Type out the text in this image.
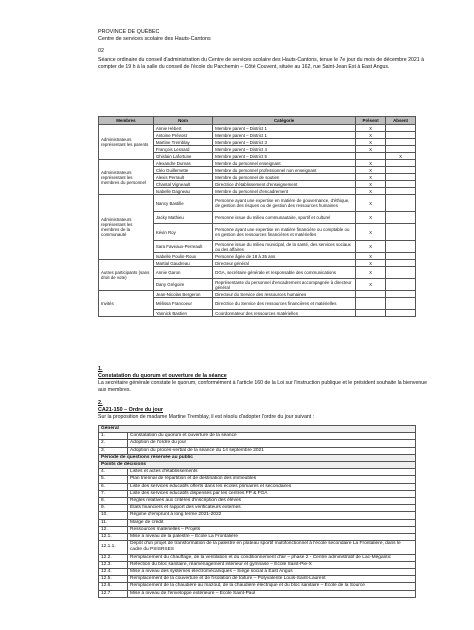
PROVINCE DE QUÉBEC
Centre de services scolaire des Hauts-Cantons
02
Séance ordinaire du conseil d'administration du Centre de services scolaire des Hauts-Cantons, tenue le 7e jour du mois de décembre 2021 à compter de 19 h à la salle du conseil de l'école du Parchemin – Côté Couvent, située au 162, rue Saint-Jean Est à East Angus.
Membres	Nom	Catégorie	Présent	Absent
Administrateurs représentant les parents	Annie Hébert	Membre parent – District 1	X	
	Antoine Prévost	Membre parent – District 1	X	
	Martine Tremblay	Membre parent – District 3	X	
	François Lessard	Membre parent – District 4	X	
	Ghislain Lafortune	Membre parent – District 5		X
Administrateurs représentant les membres du personnel	Alexandre Dumas	Membre du personnel enseignant	X	
	Cléo Guillemette	Membre du personnel professionnel non enseignant	X	
	Alexis Perrault	Membre du personnel de soutien	X	
	Chantal Vigneault	Directrice d'établissement d'enseignement	X	
	Isabelle Dagneau	Membre du personnel d'encadrement	X	
Administrateurs représentant les membres de la communauté	Nancy Bastille	Personne ayant une expertise en matière de gouvernance, d'éthique, de gestion des risques ou de gestion des ressources humaines	X	
	Jacky Mathieu	Personne issue du milieu communautaire, sportif et culturel	X	
	Kévin Roy	Personne ayant une expertise en matière financière ou comptable ou en gestion des ressources financières et matérielles	X	
	Sara Faveaux-Perreault	Personne issue du milieu municipal, de la santé, des services sociaux ou des affaires	X	
	Isabelle Poulin-Roux	Personne âgée de 18 à 35 ans	X	
Autres participants (sans droit de vote)	Martial Gaudreau	Directeur général	X	
	Annie Garon	DGA, secrétaire générale et responsable des communications	X	
	Dany Grégoire	Représentante du personnel d'encadrement accompagnée à directeur général	X	
Invités	Jean-Nicolas Bergeron	Directeur du Service des ressources humaines		
	Mélissa Francoeur	Directrice du Service des ressources financières et matérielles		
	Yannick Bastien	Coordonnateur des ressources matérielles		
1.
Constatation du quorum et ouverture de la séance
La secrétaire générale constate le quorum, conformément à l'article 160 de la Loi sur l'instruction publique et le président souhaite la bienvenue aux membres.
2.
CA21-150 – Ordre du jour
Sur la proposition de madame Martine Tremblay, il est résolu d'adopter l'ordre du jour suivant :
Général	
1.	Constatation du quorum et ouverture de la séance
2.	Adoption de l'ordre du jour
3.	Adoption du procès-verbal de la séance du 14 septembre 2021
Période de questions réservée au public	
Points de décisions	
4.	Listes et actes d'établissements
5.	Plan triennal de répartition et de destination des immeubles
6.	Liste des services éducatifs offerts dans les écoles primaires et secondaires
7.	Liste des services éducatifs dispensés par les centres FP & FGA
8.	Règles relatives aux critères d'inscription des élèves
9.	États financiers et rapport des vérificateurs externes
10.	Régime d'emprunt à long terme 2021-2022
11.	Marge de crédit
12.	Ressources matérielles – Projets
12.1.	Mise à niveau de la palestre – École La Frontalière
12.1.1.	Dépôt d'un projet de transformation de la palestre en plateau sportif multifonctionnel à l'école secondaire La Frontalière, dans le cadre du PSISRSES
12.2.	Remplacement du chauffage, de la ventilation et du conditionnement d'air – phase 2 - Centre administratif de Lac-Mégantic
12.3.	Réfection du bloc sanitaire, réaménagement intérieur et gymnase – École Saint-Pie-X
12.4.	Mise à niveau des systèmes électromécaniques – Siège social à East Angus
12.5.	Remplacement de la couverture et de l'isolation de toiture – Polyvalente Louis-Saint-Laurent
12.6.	Remplacement de la chaudière au mazout, de la chaudière électrique et du bloc sanitaire – École de la Source
12.7.	Mise à niveau de l'enveloppe extérieure – École Saint-Paul
